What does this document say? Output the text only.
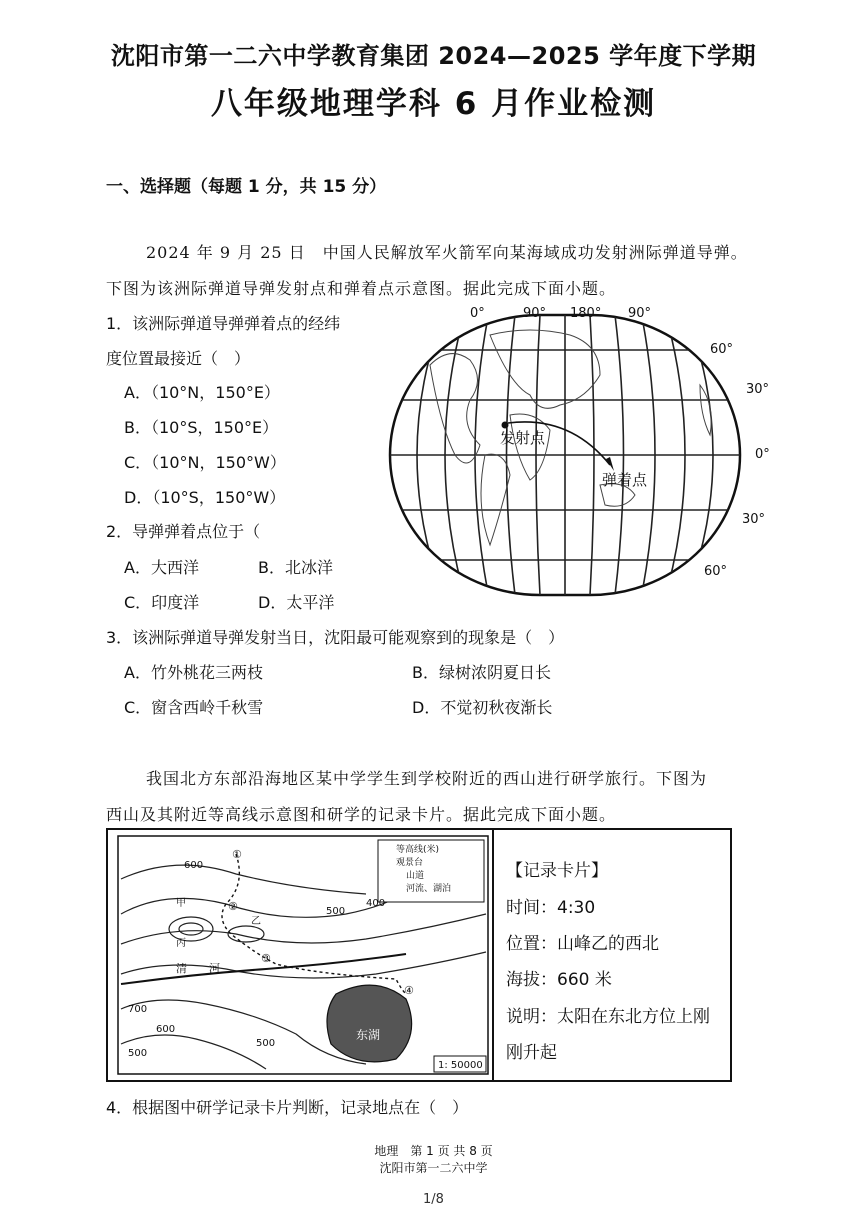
沈阳市第一二六中学教育集团 2024—2025 学年度下学期
八年级地理学科 6 月作业检测
一、选择题（每题 1 分，共 15 分）
2024 年 9 月 25 日　中国人民解放军火箭军向某海域成功发射洲际弹道导弹。
下图为该洲际弹道导弹发射点和弹着点示意图。据此完成下面小题。
1．该洲际弹道导弹弹着点的经纬
度位置最接近（　）
A．（10°N，150°E）
B．（10°S，150°E）
C．（10°N，150°W）
D．（10°S，150°W）
2．导弹弹着点位于（
A．大西洋	B．北冰洋
C．印度洋	D．太平洋
3．该洲际弹道导弹发射当日，沈阳最可能观察到的现象是（　）
A．竹外桃花三两枝	B．绿树浓阴夏日长
C．窗含西岭千秋雪	D．不觉初秋夜渐长
0°	90° 180° 90°
60°
30°
0°
30°
60°
发射点
弹着点
我国北方东部沿海地区某中学学生到学校附近的西山进行研学旅行。下图为
西山及其附近等高线示意图和研学的记录卡片。据此完成下面小题。
等高线(米)
观景台
山道
河流、湖泊
600
500
400
700
600
500
500
甲
乙
丙
①
②
③
④
清　　河
东湖
1: 50000
【记录卡片】
时间：4:30
位置：山峰乙的西北
海拔：660 米
说明：太阳在东北方位上刚
刚升起
4．根据图中研学记录卡片判断，记录地点在（　）
地理　第 1 页 共 8 页
沈阳市第一二六中学
1/8
